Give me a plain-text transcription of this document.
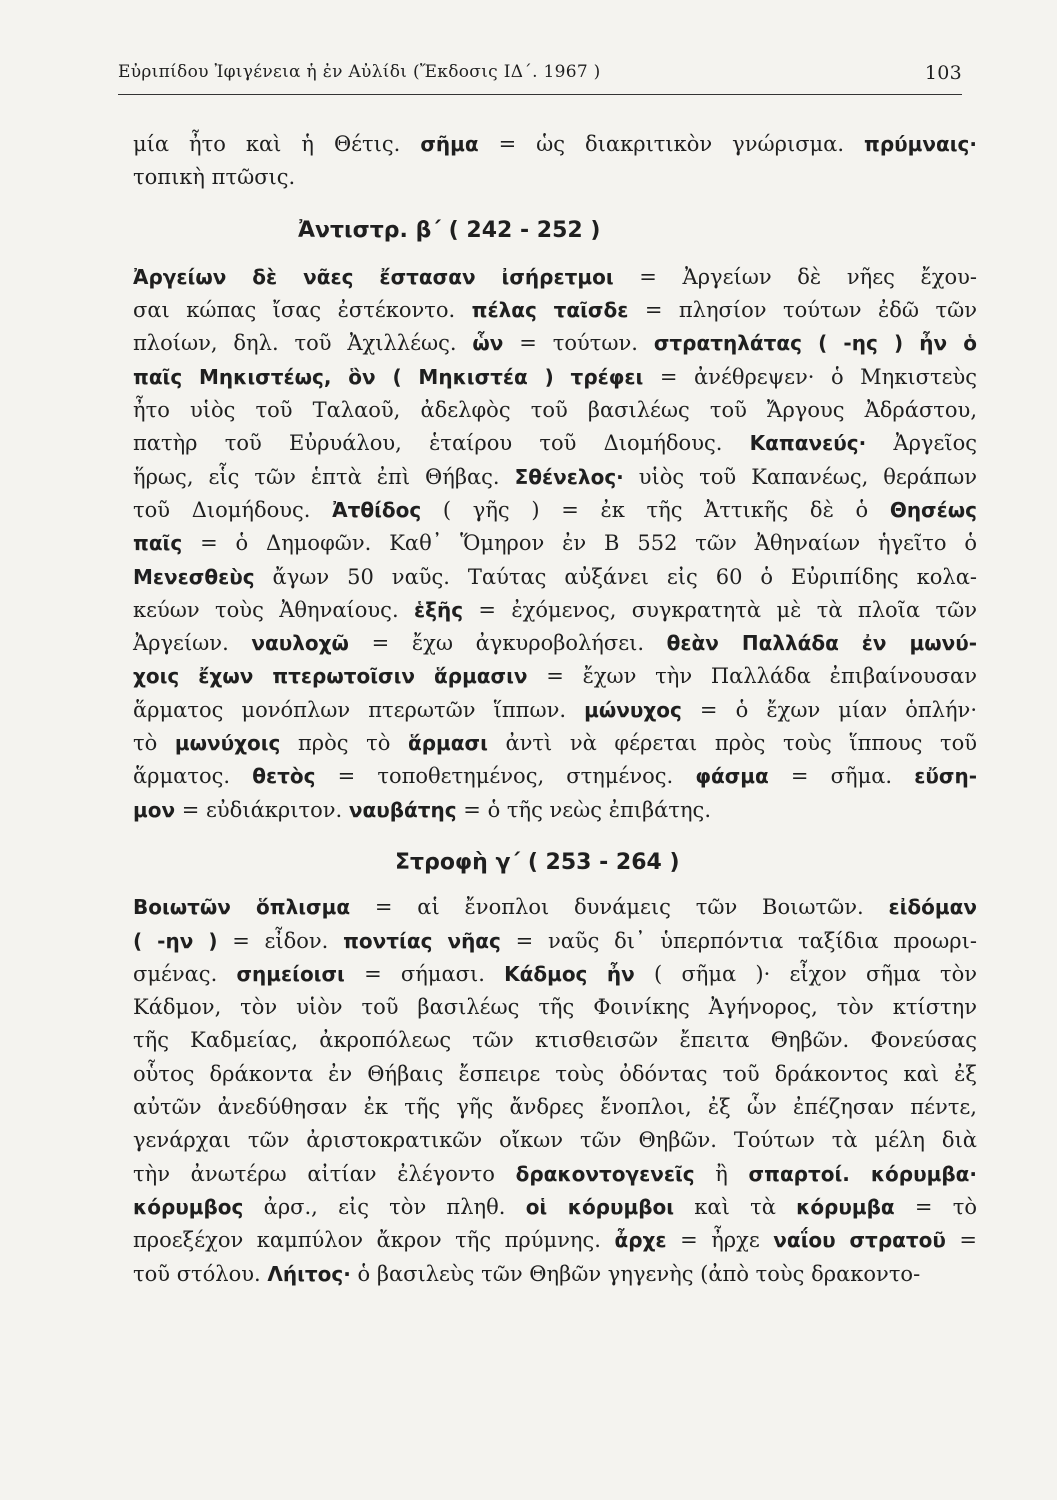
Εὐριπίδου Ἰφιγένεια ἡ ἐν Αὐλίδι (Ἔκδοσις ΙΔ΄. 1967 )	103
μία ἦτο καὶ ἡ Θέτις. σῆμα = ὡς διακριτικὸν γνώρισμα. πρύμναις·
τοπικὴ πτῶσις.
Ἀντιστρ. β΄ ( 242 - 252 )
Ἀργείων δὲ νᾶες ἔστασαν ἰσήρετμοι = Ἀργείων δὲ νῆες ἔχου-
σαι κώπας ἴσας ἐστέκοντο. πέλας ταῖσδε = πλησίον τούτων ἐδῶ τῶν
πλοίων, δηλ. τοῦ Ἀχιλλέως. ὧν = τούτων. στρατηλάτας ( -ης ) ἦν ὁ
παῖς Μηκιστέως, ὃν ( Μηκιστέα ) τρέφει = ἀνέθρεψεν· ὁ Μηκιστεὺς
ἦτο υἱὸς τοῦ Ταλαοῦ, ἀδελφὸς τοῦ βασιλέως τοῦ Ἄργους Ἀδράστου,
πατὴρ τοῦ Εὐρυάλου, ἑταίρου τοῦ Διομήδους. Καπανεύς· Ἀργεῖος
ἥρως, εἷς τῶν ἑπτὰ ἐπὶ Θήβας. Σθένελος· υἱὸς τοῦ Καπανέως, θεράπων
τοῦ Διομήδους. Ἀτθίδος ( γῆς ) = ἐκ τῆς Ἀττικῆς δὲ ὁ Θησέως
παῖς = ὁ Δημοφῶν. Καθ᾽ Ὅμηρον ἐν Β 552 τῶν Ἀθηναίων ἡγεῖτο ὁ
Μενεσθεὺς ἄγων 50 ναῦς. Ταύτας αὐξάνει εἰς 60 ὁ Εὐριπίδης κολα-
κεύων τοὺς Ἀθηναίους. ἑξῆς = ἐχόμενος, συγκρατητὰ μὲ τὰ πλοῖα τῶν
Ἀργείων. ναυλοχῶ = ἔχω ἀγκυροβολήσει. θεὰν Παλλάδα ἐν μωνύ-
χοις ἔχων πτερωτοῖσιν ἅρμασιν = ἔχων τὴν Παλλάδα ἐπιβαίνουσαν
ἅρματος μονόπλων πτερωτῶν ἵππων. μώνυχος = ὁ ἔχων μίαν ὁπλήν·
τὸ μωνύχοις πρὸς τὸ ἅρμασι ἀντὶ νὰ φέρεται πρὸς τοὺς ἵππους τοῦ
ἅρματος. θετὸς = τοποθετημένος, στημένος. φάσμα = σῆμα. εὔση-
μον = εὐδιάκριτον. ναυβάτης = ὁ τῆς νεὼς ἐπιβάτης.
Στροφὴ γ΄ ( 253 - 264 )
Βοιωτῶν ὅπλισμα = αἱ ἔνοπλοι δυνάμεις τῶν Βοιωτῶν. εἰδόμαν
( -ην ) = εἶδον. ποντίας νῆας = ναῦς δι᾽ ὑπερπόντια ταξίδια προωρι-
σμένας. σημείοισι = σήμασι. Κάδμος ἦν ( σῆμα )· εἶχον σῆμα τὸν
Κάδμον, τὸν υἱὸν τοῦ βασιλέως τῆς Φοινίκης Ἀγήνορος, τὸν κτίστην
τῆς Καδμείας, ἀκροπόλεως τῶν κτισθεισῶν ἔπειτα Θηβῶν. Φονεύσας
οὗτος δράκοντα ἐν Θήβαις ἔσπειρε τοὺς ὀδόντας τοῦ δράκοντος καὶ ἐξ
αὐτῶν ἀνεδύθησαν ἐκ τῆς γῆς ἄνδρες ἔνοπλοι, ἐξ ὧν ἐπέζησαν πέντε,
γενάρχαι τῶν ἀριστοκρατικῶν οἴκων τῶν Θηβῶν. Τούτων τὰ μέλη διὰ
τὴν ἀνωτέρω αἰτίαν ἐλέγοντο δρακοντογενεῖς ἢ σπαρτοί. κόρυμβα·
κόρυμβος ἀρσ., εἰς τὸν πληθ. οἱ κόρυμβοι καὶ τὰ κόρυμβα = τὸ
προεξέχον καμπύλον ἄκρον τῆς πρύμνης. ἆρχε = ἦρχε ναΐου στρατοῦ =
τοῦ στόλου. Λήιτος· ὁ βασιλεὺς τῶν Θηβῶν γηγενὴς (ἀπὸ τοὺς δρακοντο-
